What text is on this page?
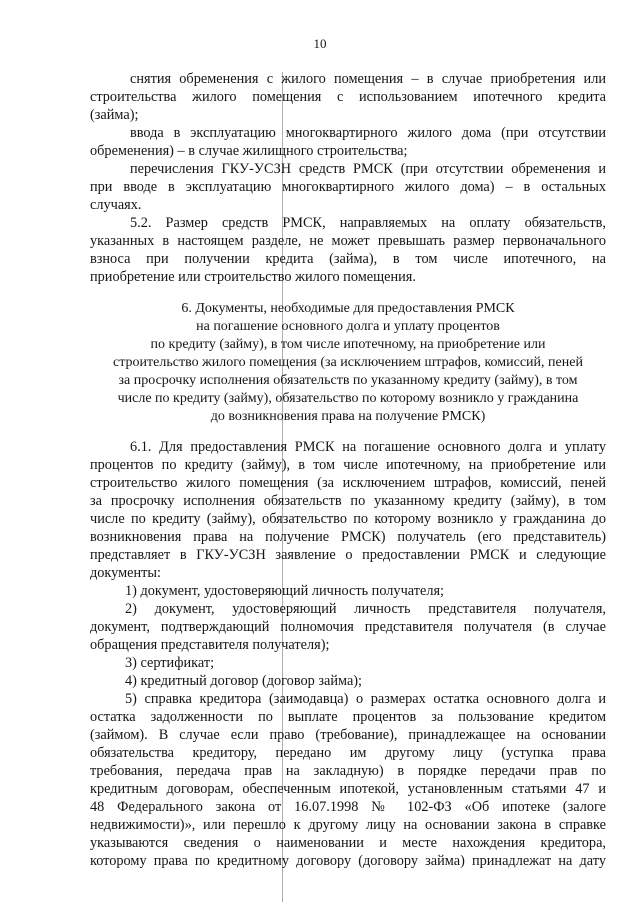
10
снятия обременения с жилого помещения – в случае приобретения или
строительства жилого помещения с использованием ипотечного кредита
(займа);
ввода в эксплуатацию многоквартирного жилого дома (при отсутствии
обременения) – в случае жилищного строительства;
перечисления ГКУ-УСЗН средств РМСК (при отсутствии обременения и
при вводе в эксплуатацию многоквартирного жилого дома) – в остальных
случаях.
5.2. Размер средств РМСК, направляемых на оплату обязательств,
указанных в настоящем разделе, не может превышать размер первоначального
взноса при получении кредита (займа), в том числе ипотечного, на
приобретение или строительство жилого помещения.
6. Документы, необходимые для предоставления РМСК
на погашение основного долга и уплату процентов
по кредиту (займу), в том числе ипотечному, на приобретение или
строительство жилого помещения (за исключением штрафов, комиссий, пеней
за просрочку исполнения обязательств по указанному кредиту (займу), в том
числе по кредиту (займу), обязательство по которому возникло у гражданина
до возникновения права на получение РМСК)
6.1. Для предоставления РМСК на погашение основного долга и уплату
процентов по кредиту (займу), в том числе ипотечному, на приобретение или
строительство жилого помещения (за исключением штрафов, комиссий, пеней
за просрочку исполнения обязательств по указанному кредиту (займу), в том
числе по кредиту (займу), обязательство по которому возникло у гражданина до
возникновения права на получение РМСК) получатель (его представитель)
представляет в ГКУ-УСЗН заявление о предоставлении РМСК и следующие
документы:
1) документ, удостоверяющий личность получателя;
2) документ, удостоверяющий личность представителя получателя,
документ, подтверждающий полномочия представителя получателя (в случае
обращения представителя получателя);
3) сертификат;
4) кредитный договор (договор займа);
5) справка кредитора (заимодавца) о размерах остатка основного долга и
остатка задолженности по выплате процентов за пользование кредитом
(займом). В случае если право (требование), принадлежащее на основании
обязательства кредитору, передано им другому лицу (уступка права
требования, передача прав на закладную) в порядке передачи прав по
кредитным договорам, обеспеченным ипотекой, установленным статьями 47 и
48 Федерального закона от 16.07.1998 № 102-ФЗ «Об ипотеке (залоге
недвижимости)», или перешло к другому лицу на основании закона в справке
указываются сведения о наименовании и месте нахождения кредитора,
которому права по кредитному договору (договору займа) принадлежат на дату
